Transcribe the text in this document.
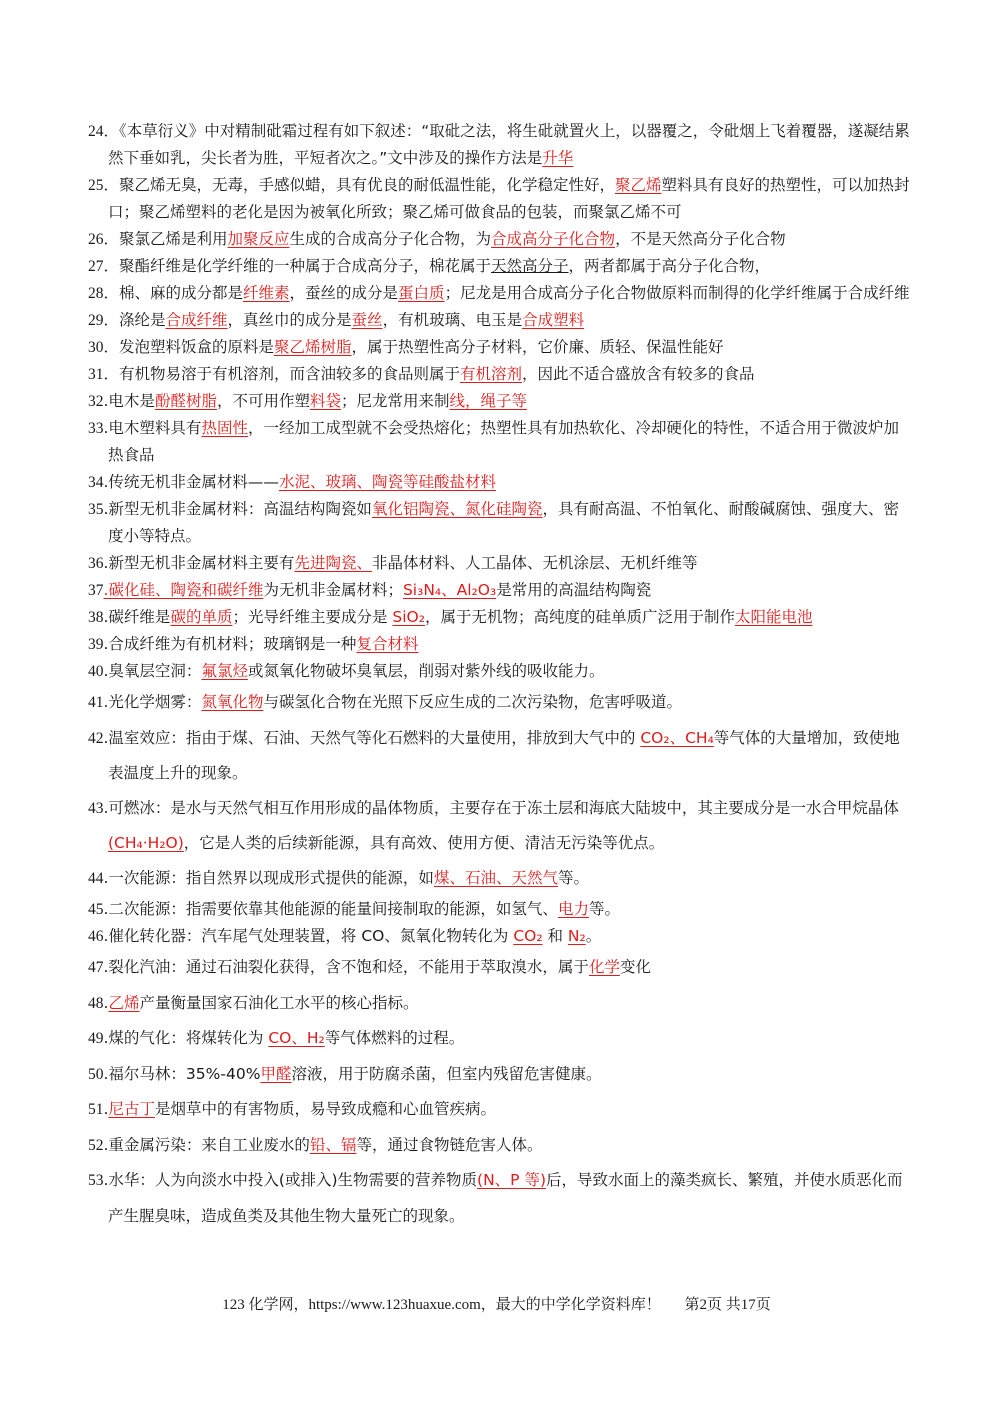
24．《本草衍义》中对精制砒霜过程有如下叙述：“取砒之法，将生砒就置火上，以器覆之，令砒烟上飞着覆器，遂凝结累然下垂如乳，尖长者为胜，平短者次之。”文中涉及的操作方法是升华
25．聚乙烯无臭，无毒，手感似蜡，具有优良的耐低温性能，化学稳定性好，聚乙烯塑料具有良好的热塑性，可以加热封口；聚乙烯塑料的老化是因为被氧化所致；聚乙烯可做食品的包装，而聚氯乙烯不可
26．聚氯乙烯是利用加聚反应生成的合成高分子化合物，为合成高分子化合物，不是天然高分子化合物
27．聚酯纤维是化学纤维的一种属于合成高分子，棉花属于天然高分子，两者都属于高分子化合物，
28．棉、麻的成分都是纤维素，蚕丝的成分是蛋白质；尼龙是用合成高分子化合物做原料而制得的化学纤维属于合成纤维
29．涤纶是合成纤维，真丝巾的成分是蚕丝，有机玻璃、电玉是合成塑料
30．发泡塑料饭盒的原料是聚乙烯树脂，属于热塑性高分子材料，它价廉、质轻、保温性能好
31．有机物易溶于有机溶剂，而含油较多的食品则属于有机溶剂，因此不适合盛放含有较多的食品
32.电木是酚醛树脂，不可用作塑料袋；尼龙常用来制线，绳子等
33.电木塑料具有热固性，一经加工成型就不会受热熔化；热塑性具有加热软化、冷却硬化的特性，不适合用于微波炉加热食品
34.传统无机非金属材料——水泥、玻璃、陶瓷等硅酸盐材料
35.新型无机非金属材料：高温结构陶瓷如氧化铝陶瓷、氮化硅陶瓷，具有耐高温、不怕氧化、耐酸碱腐蚀、强度大、密度小等特点。
36.新型无机非金属材料主要有先进陶瓷、非晶体材料、人工晶体、无机涂层、无机纤维等
37.碳化硅、陶瓷和碳纤维为无机非金属材料；Si₃N₄、Al₂O₃是常用的高温结构陶瓷
38.碳纤维是碳的单质；光导纤维主要成分是 SiO₂，属于无机物；高纯度的硅单质广泛用于制作太阳能电池
39.合成纤维为有机材料；玻璃钢是一种复合材料
40.臭氧层空洞：氟氯烃或氮氧化物破坏臭氧层，削弱对紫外线的吸收能力。
41.光化学烟雾：氮氧化物与碳氢化合物在光照下反应生成的二次污染物，危害呼吸道。
42.温室效应：指由于煤、石油、天然气等化石燃料的大量使用，排放到大气中的 CO₂、CH₄等气体的大量增加，致使地表温度上升的现象。
43.可燃冰：是水与天然气相互作用形成的晶体物质，主要存在于冻土层和海底大陆坡中，其主要成分是一水合甲烷晶体(CH₄·H₂O)，它是人类的后续新能源，具有高效、使用方便、清洁无污染等优点。
44.一次能源：指自然界以现成形式提供的能源，如煤、石油、天然气等。
45.二次能源：指需要依靠其他能源的能量间接制取的能源，如氢气、电力等。
46.催化转化器：汽车尾气处理装置，将 CO、氮氧化物转化为 CO₂ 和 N₂。
47.裂化汽油：通过石油裂化获得，含不饱和烃，不能用于萃取溴水，属于化学变化
48.乙烯产量衡量国家石油化工水平的核心指标。
49.煤的气化：将煤转化为 CO、H₂等气体燃料的过程。
50.福尔马林：35%-40%甲醛溶液，用于防腐杀菌，但室内残留危害健康。
51.尼古丁是烟草中的有害物质，易导致成瘾和心血管疾病。
52.重金属污染：来自工业废水的铅、镉等，通过食物链危害人体。
53.水华：人为向淡水中投入(或排入)生物需要的营养物质(N、P 等)后，导致水面上的藻类疯长、繁殖，并使水质恶化而产生腥臭味，造成鱼类及其他生物大量死亡的现象。
123 化学网，https://www.123huaxue.com，最大的中学化学资料库！ 第2页 共17页
